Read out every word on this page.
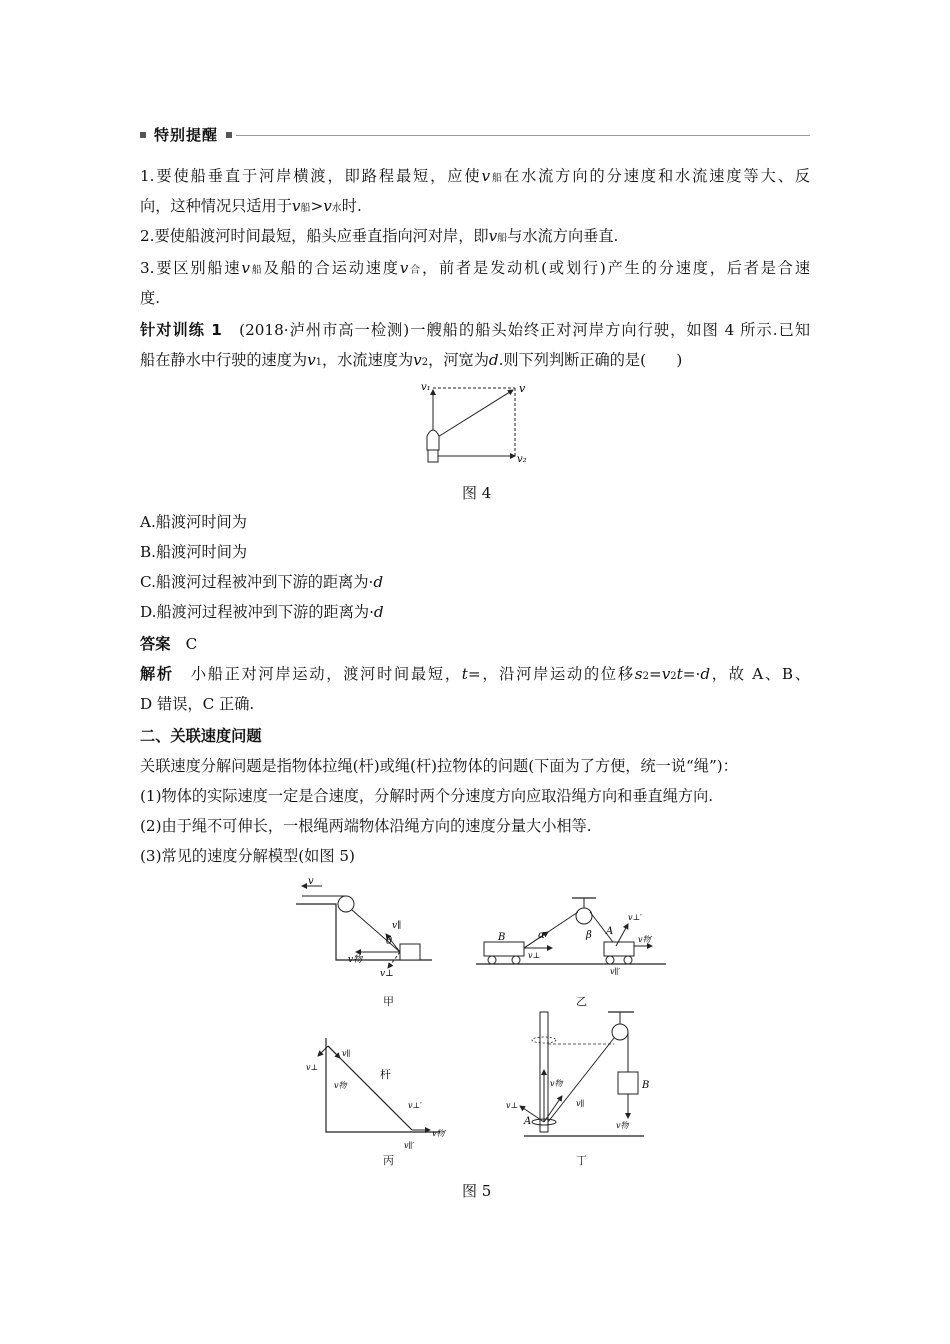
特别提醒
1.要使船垂直于河岸横渡，即路程最短，应使v船在水流方向的分速度和水流速度等大、反
向，这种情况只适用于v船>v水时.
2.要使船渡河时间最短，船头应垂直指向河对岸，即v船与水流方向垂直.
3.要区别船速v船及船的合运动速度v合，前者是发动机(或划行)产生的分速度，后者是合速
度.
针对训练 1　 (2018·泸州市高一检测)一艘船的船头始终正对河岸方向行驶，如图 4 所示.已知
船在静水中行驶的速度为v1，水流速度为v2，河宽为d.则下列判断正确的是(　　)
v₁	v
v₂
图 4
A.船渡河时间为
B.船渡河时间为
C.船渡河过程被冲到下游的距离为·d
D.船渡河过程被冲到下游的距离为·d
答案　 C
解析　 小船正对河岸运动，渡河时间最短，t=，沿河岸运动的位移s2=v2t=·d，故 A、B、
D 错误，C 正确.
二、关联速度问题
关联速度分解问题是指物体拉绳(杆)或绳(杆)拉物体的问题(下面为了方便，统一说“绳”)：
(1)物体的实际速度一定是合速度，分解时两个分速度方向应取沿绳方向和垂直绳方向.
(2)由于绳不可伸长，一根绳两端物体沿绳方向的速度分量大小相等.
(3)常见的速度分解模型(如图 5)
v
v∥
θ
v物
v⊥
甲
B	α
v⊥
β A
v⊥′
v物′
v∥′
乙
v⊥
v∥
v物
杆
v⊥′
v物′
v∥′
丙
v物
v∥
v⊥
A
B
v物
丁
图 5
